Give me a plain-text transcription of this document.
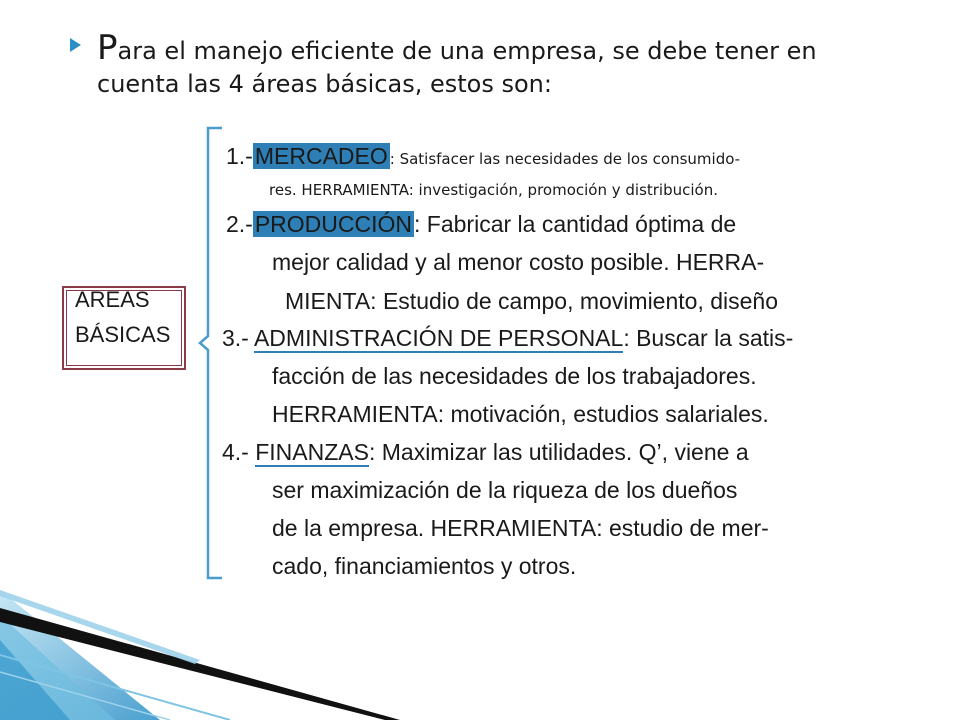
Para el manejo eficiente de una empresa, se debe tener en
cuenta las 4 áreas básicas, estos son:
AREAS
BÁSICAS
1.-MERCADEO : Satisfacer las necesidades de los consumido-
res. HERRAMIENTA: investigación, promoción y distribución.
2.-PRODUCCIÓN: Fabricar la cantidad óptima de
mejor calidad y al menor costo posible. HERRA-
MIENTA: Estudio de campo, movimiento, diseño
3.- ADMINISTRACIÓN DE PERSONAL: Buscar la satis-
facción de las necesidades de los trabajadores.
HERRAMIENTA: motivación, estudios salariales.
4.- FINANZAS: Maximizar las utilidades. Q’, viene a
ser maximización de la riqueza de los dueños
de la empresa. HERRAMIENTA: estudio de mer-
cado, financiamientos y otros.
